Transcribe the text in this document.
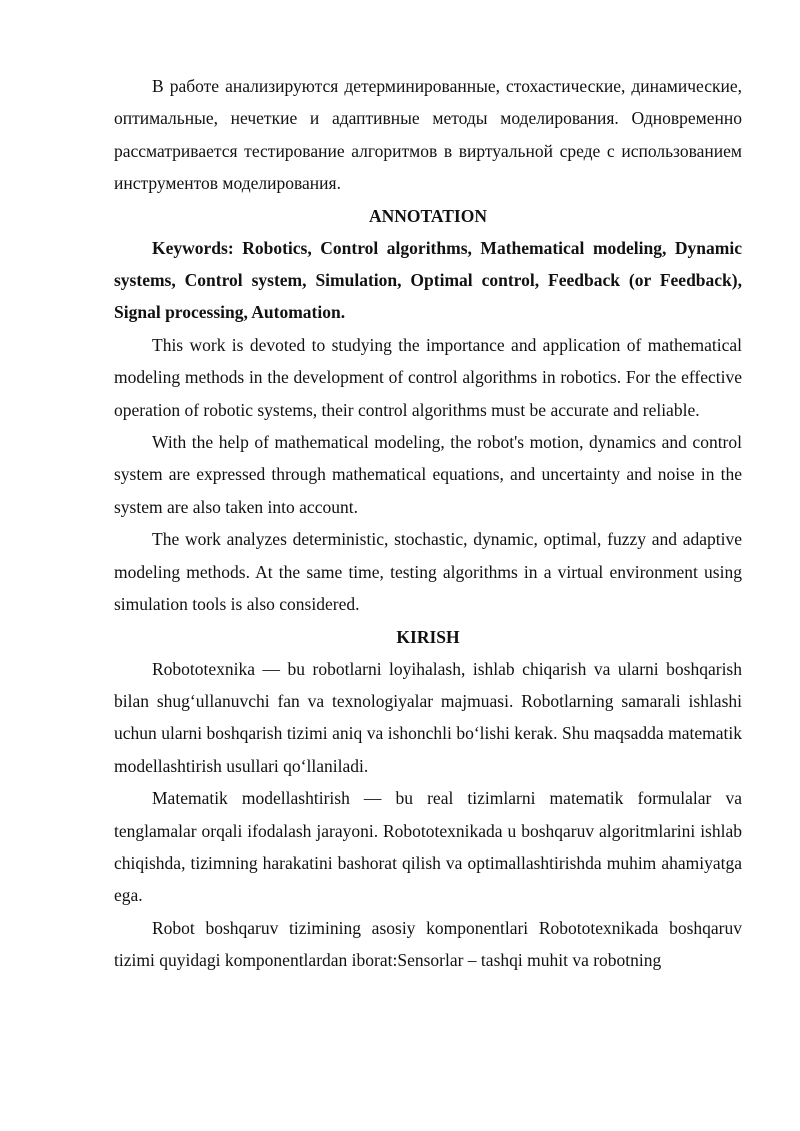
В работе анализируются детерминированные, стохастические, динамические, оптимальные, нечеткие и адаптивные методы моделирования. Одновременно рассматривается тестирование алгоритмов в виртуальной среде с использованием инструментов моделирования.

ANNOTATION

Keywords: Robotics, Control algorithms, Mathematical modeling, Dynamic systems, Control system, Simulation, Optimal control, Feedback (or Feedback), Signal processing, Automation.

This work is devoted to studying the importance and application of mathematical modeling methods in the development of control algorithms in robotics. For the effective operation of robotic systems, their control algorithms must be accurate and reliable.

With the help of mathematical modeling, the robot's motion, dynamics and control system are expressed through mathematical equations, and uncertainty and noise in the system are also taken into account.

The work analyzes deterministic, stochastic, dynamic, optimal, fuzzy and adaptive modeling methods. At the same time, testing algorithms in a virtual environment using simulation tools is also considered.

KIRISH

Robototexnika — bu robotlarni loyihalash, ishlab chiqarish va ularni boshqarish bilan shug‘ullanuvchi fan va texnologiyalar majmuasi. Robotlarning samarali ishlashi uchun ularni boshqarish tizimi aniq va ishonchli bo‘lishi kerak. Shu maqsadda matematik modellashtirish usullari qo‘llaniladi.

Matematik modellashtirish — bu real tizimlarni matematik formulalar va tenglamalar orqali ifodalash jarayoni. Robototexnikada u boshqaruv algoritmlarini ishlab chiqishda, tizimning harakatini bashorat qilish va optimallashtirishda muhim ahamiyatga ega.

Robot boshqaruv tizimining asosiy komponentlari Robototexnikada boshqaruv tizimi quyidagi komponentlardan iborat:Sensorlar – tashqi muhit va robotning
